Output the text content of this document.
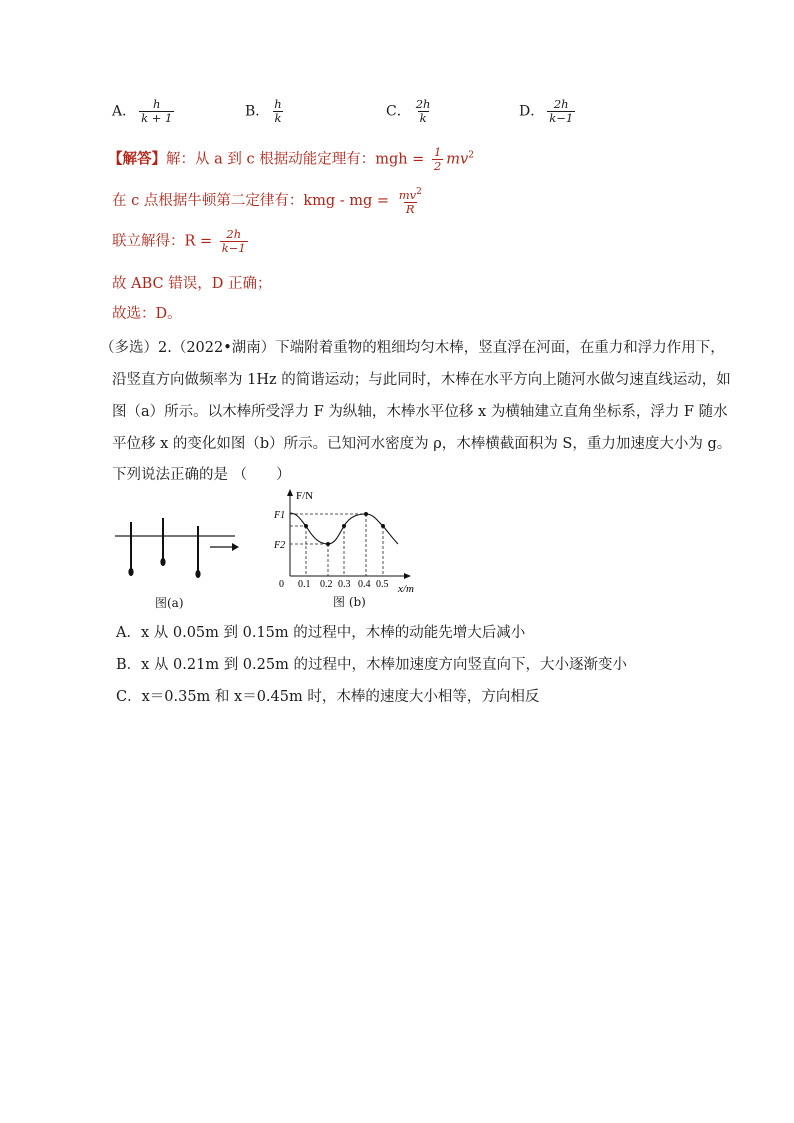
A． $\frac{h}{k + 1}$	B． $\frac{h}{k}$	C． $\frac{2h}{k}$	D． $\frac{2h}{k-1}$
【解答】解：从 a 到 c 根据动能定理有：mgh = $\frac{1}{2} mv^2$
在 c 点根据牛顿第二定律有：kmg - mg = $\frac{mv^2}{R}$
联立解得：$R = \frac{2h}{k-1}$
故 ABC 错误，D 正确；
故选：D。
（多选）2.（2022•湖南）下端附着重物的粗细均匀木棒，竖直浮在河面，在重力和浮力作用下，
沿竖直方向做频率为 1Hz 的简谐运动；与此同时，木棒在水平方向上随河水做匀速直线运动，如
图（a）所示。以木棒所受浮力 F 为纵轴，木棒水平位移 x 为横轴建立直角坐标系，浮力 F 随水
平位移 x 的变化如图（b）所示。已知河水密度为 ρ，木棒横截面积为 S，重力加速度大小为 g。
下列说法正确的是 （　　）
图(a)
F/N
F1
F2
0 0.1 0.2 0.3 0.4 0.5 x/m
图 (b)
A．x 从 0.05m 到 0.15m 的过程中，木棒的动能先增大后减小
B．x 从 0.21m 到 0.25m 的过程中，木棒加速度方向竖直向下，大小逐渐变小
C．x＝0.35m 和 x＝0.45m 时，木棒的速度大小相等，方向相反
